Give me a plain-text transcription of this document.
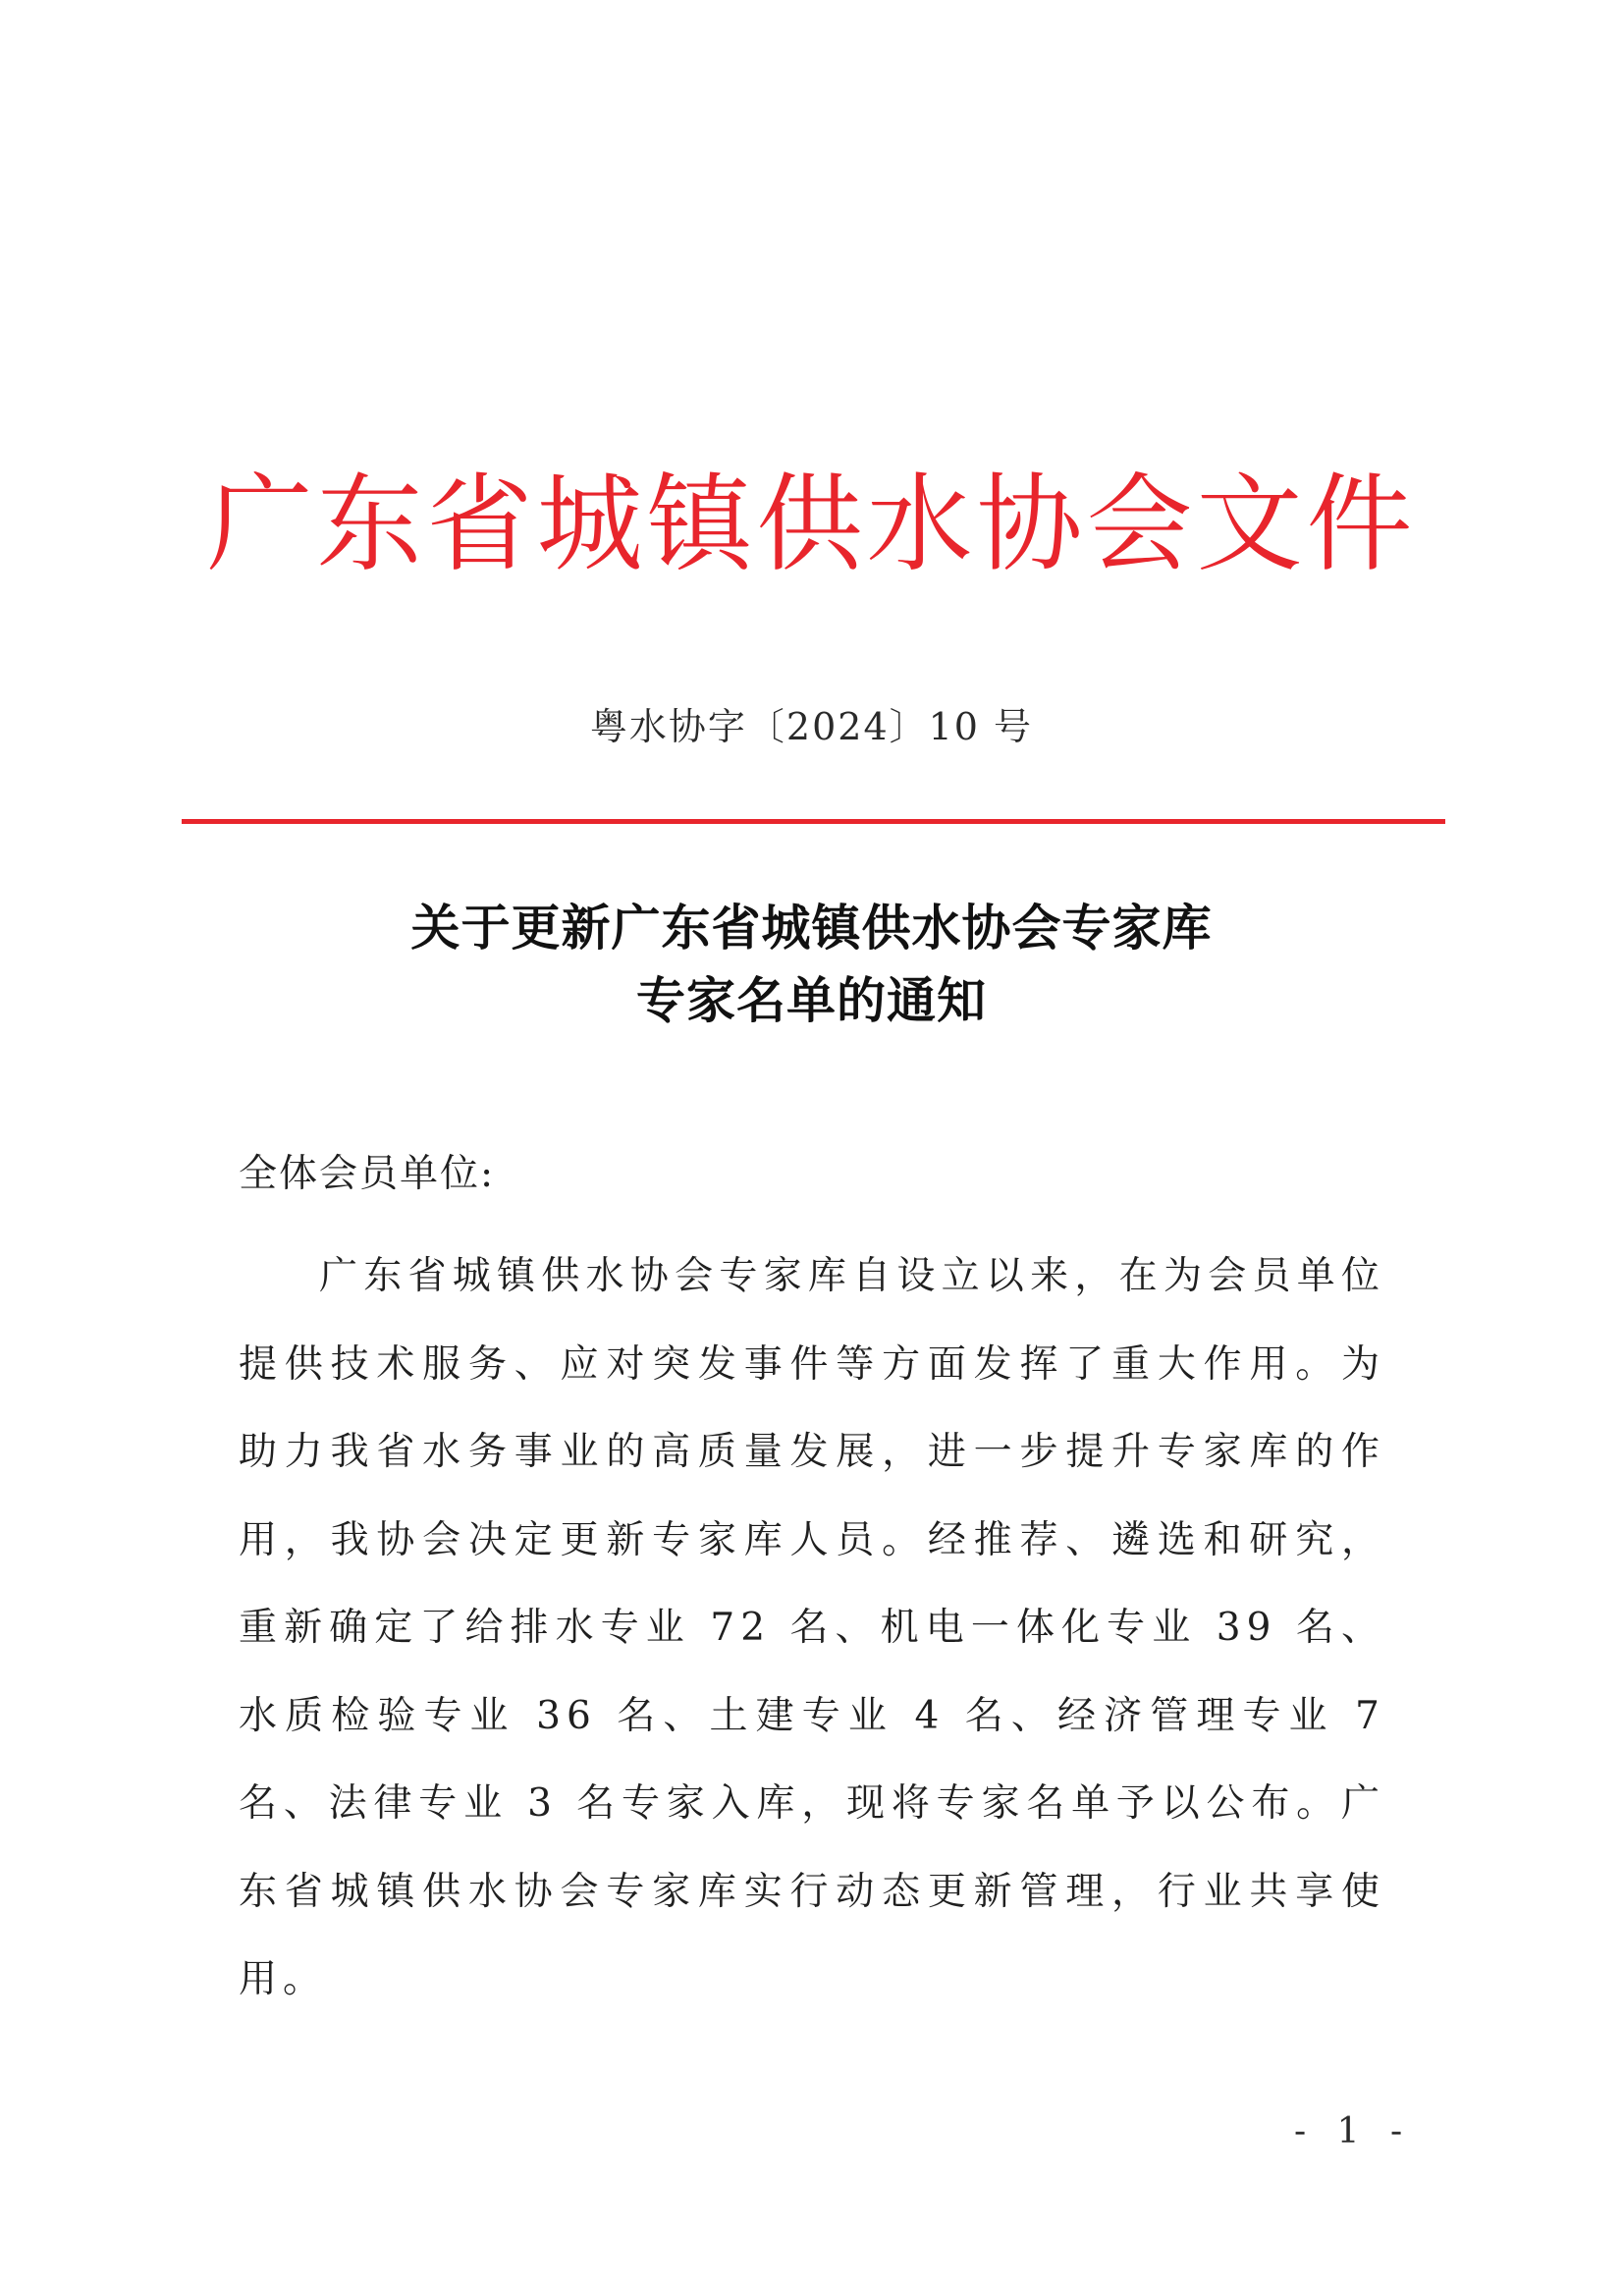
广东省城镇供水协会文件
粤水协字〔2024〕10 号
关于更新广东省城镇供水协会专家库
专家名单的通知
全体会员单位:

广东省城镇供水协会专家库自设立以来，在为会员单位提供技术服务、应对突发事件等方面发挥了重大作用。为助力我省水务事业的高质量发展，进一步提升专家库的作用，我协会决定更新专家库人员。经推荐、遴选和研究，重新确定了给排水专业 72 名、机电一体化专业 39 名、水质检验专业 36 名、土建专业 4 名、经济管理专业 7 名、法律专业 3 名专家入库，现将专家名单予以公布。广东省城镇供水协会专家库实行动态更新管理，行业共享使用。

- 1 -
